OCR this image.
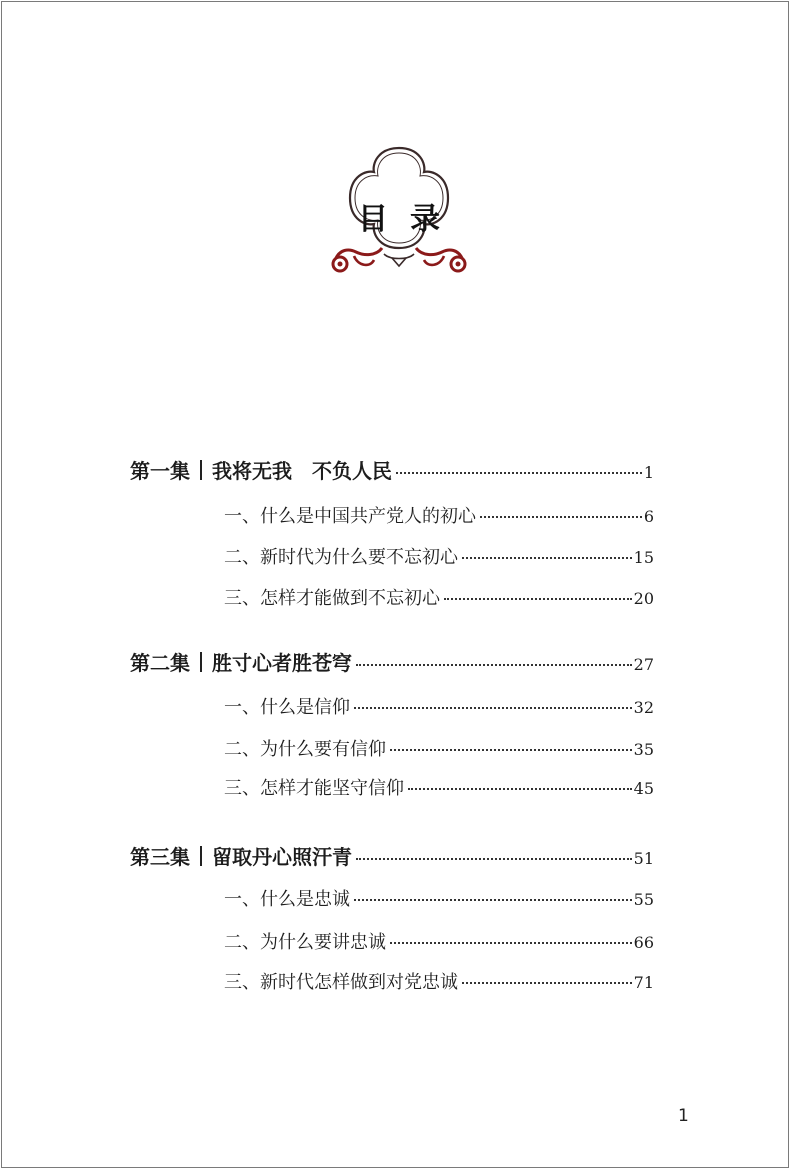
目录
第一集 我将无我　不负人民	1
一、什么是中国共产党人的初心	6
二、新时代为什么要不忘初心	15
三、怎样才能做到不忘初心	20
第二集 胜寸心者胜苍穹	27
一、什么是信仰	32
二、为什么要有信仰	35
三、怎样才能坚守信仰	45
第三集 留取丹心照汗青	51
一、什么是忠诚	55
二、为什么要讲忠诚	66
三、新时代怎样做到对党忠诚	71
1
